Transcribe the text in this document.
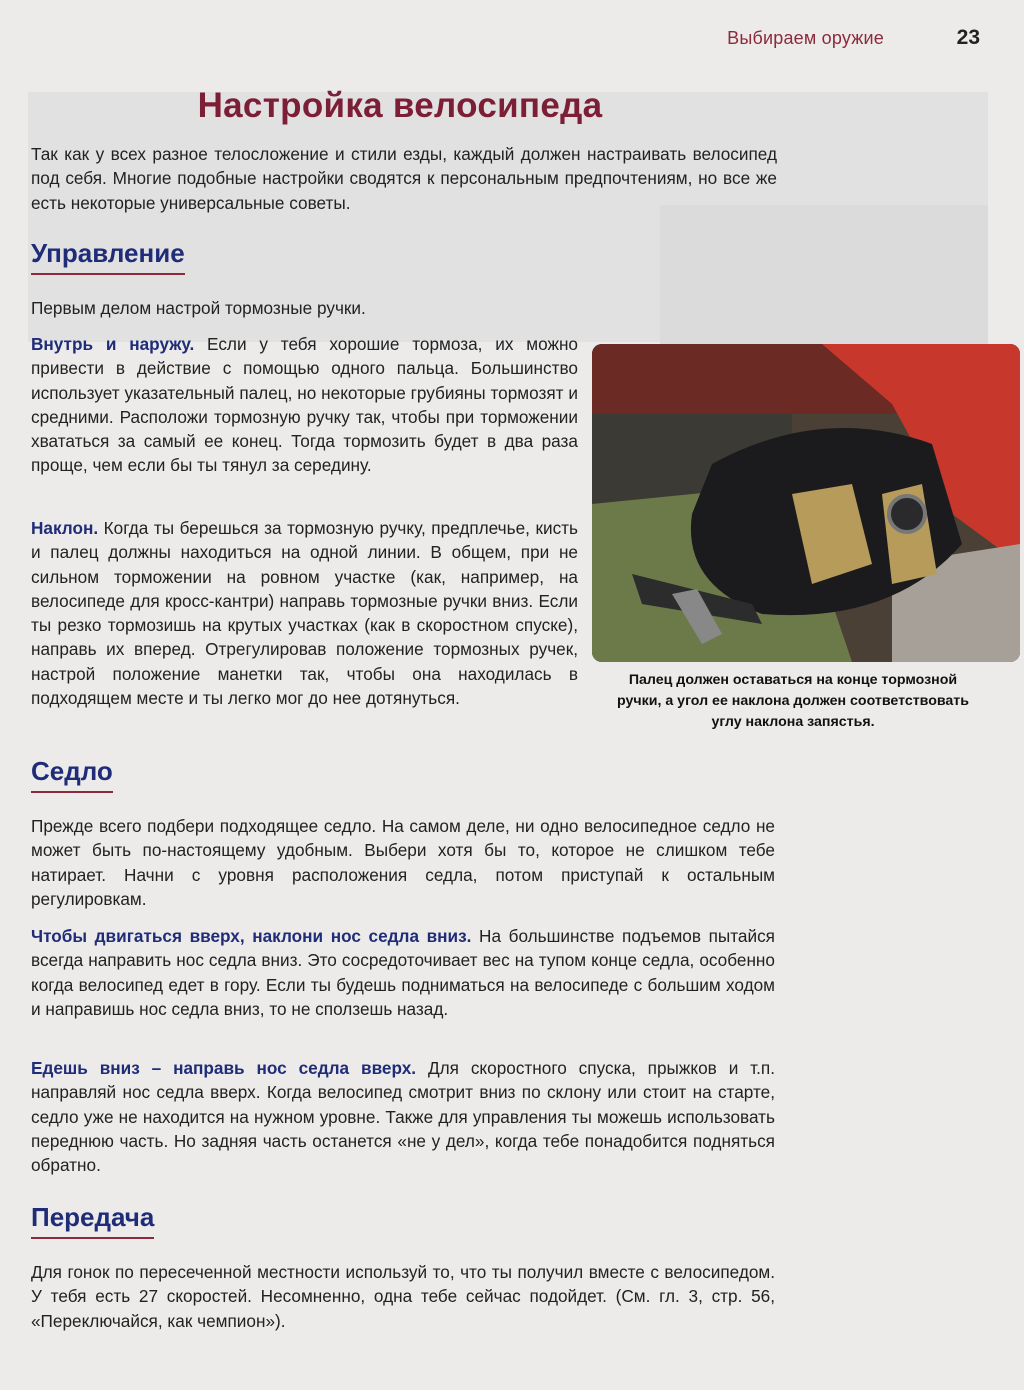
Выбираем оружие	23
Настройка велосипеда

Так как у всех разное телосложение и стили езды, каждый должен настраивать велосипед под себя. Многие подобные настройки сводятся к персональным предпочтениям, но все же есть некоторые универсальные советы.

Управление

Первым делом настрой тормозные ручки.

Внутрь и наружу. Если у тебя хорошие тормоза, их можно привести в действие с помощью одного пальца. Большинство использует указательный палец, но некоторые грубияны тормозят и средними. Расположи тормозную ручку так, чтобы при торможении хвататься за самый ее конец. Тогда тормозить будет в два раза проще, чем если бы ты тянул за середину.

Наклон. Когда ты берешься за тормозную ручку, предплечье, кисть и палец должны находиться на одной линии. В общем, при не сильном торможении на ровном участке (как, например, на велосипеде для кросс-кантри) направь тормозные ручки вниз. Если ты резко тормозишь на крутых участках (как в скоростном спуске), направь их вперед. Отрегулировав положение тормозных ручек, настрой положение манетки так, чтобы она находилась в подходящем месте и ты легко мог до нее дотянуться.

Палец должен оставаться на конце тормозной ручки, а угол ее наклона должен соответствовать углу наклона запястья.

Седло

Прежде всего подбери подходящее седло. На самом деле, ни одно велосипедное седло не может быть по-настоящему удобным. Выбери хотя бы то, которое не слишком тебе натирает. Начни с уровня расположения седла, потом приступай к остальным регулировкам.

Чтобы двигаться вверх, наклони нос седла вниз. На большинстве подъемов пытайся всегда направить нос седла вниз. Это сосредоточивает вес на тупом конце седла, особенно когда велосипед едет в гору. Если ты будешь подниматься на велосипеде с большим ходом и направишь нос седла вниз, то не сползешь назад.

Едешь вниз – направь нос седла вверх. Для скоростного спуска, прыжков и т.п. направляй нос седла вверх. Когда велосипед смотрит вниз по склону или стоит на старте, седло уже не находится на нужном уровне. Также для управления ты можешь использовать переднюю часть. Но задняя часть останется «не у дел», когда тебе понадобится подняться обратно.

Передача

Для гонок по пересеченной местности используй то, что ты получил вместе с велосипедом. У тебя есть 27 скоростей. Несомненно, одна тебе сейчас подойдет. (См. гл. 3, стр. 56, «Переключайся, как чемпион»).
